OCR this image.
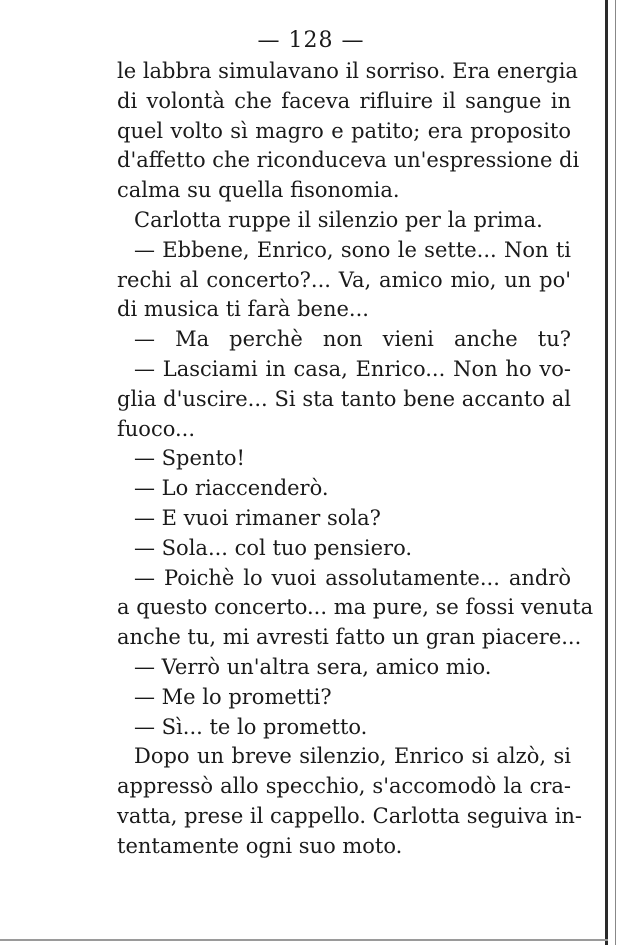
— 128 —
le labbra simulavano il sorriso. Era energia
di volontà che faceva rifluire il sangue in
quel volto sì magro e patito; era proposito
d'affetto che riconduceva un'espressione di
calma su quella fisonomia.
Carlotta ruppe il silenzio per la prima.
— Ebbene, Enrico, sono le sette... Non ti
rechi al concerto?... Va, amico mio, un po'
di musica ti farà bene...
— Ma perchè non vieni anche tu?
— Lasciami in casa, Enrico... Non ho vo-
glia d'uscire... Si sta tanto bene accanto al
fuoco...
— Spento!
— Lo riaccenderò.
— E vuoi rimaner sola?
— Sola... col tuo pensiero.
— Poichè lo vuoi assolutamente... andrò
a questo concerto... ma pure, se fossi venuta
anche tu, mi avresti fatto un gran piacere...
— Verrò un'altra sera, amico mio.
— Me lo prometti?
— Sì... te lo prometto.
Dopo un breve silenzio, Enrico si alzò, si
appressò allo specchio, s'accomodò la cra-
vatta, prese il cappello. Carlotta seguiva in-
tentamente ogni suo moto.
